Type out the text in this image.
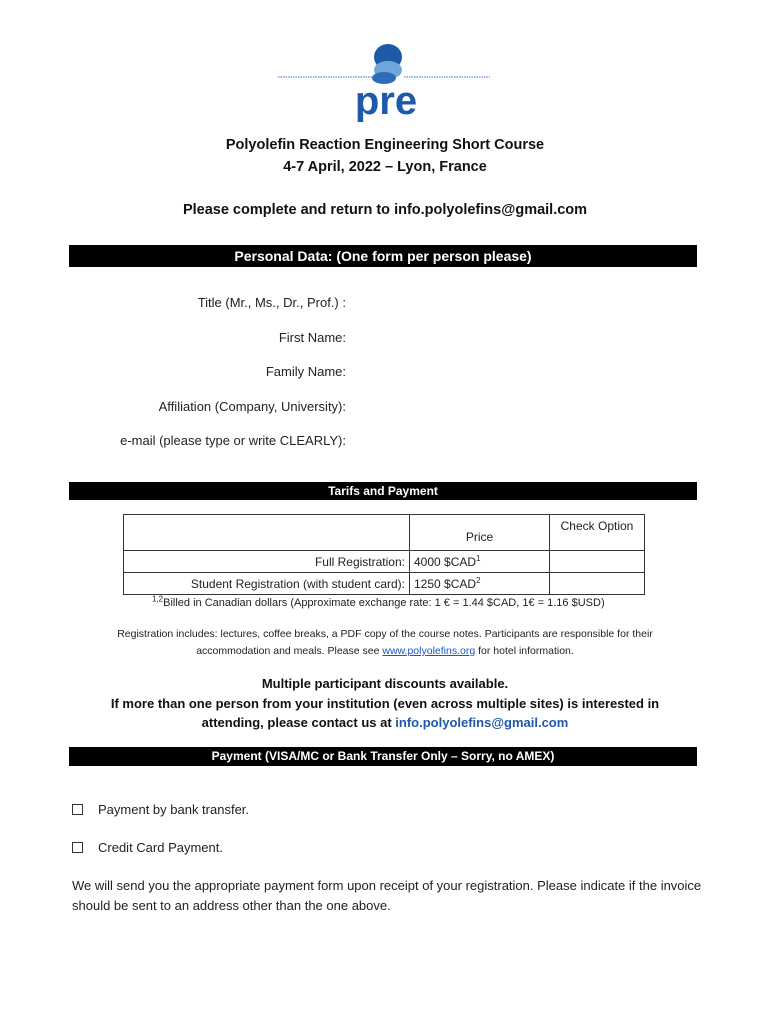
pre
Polyolefin Reaction Engineering Short Course
4-7 April, 2022 – Lyon, France
Please complete and return to info.polyolefins@gmail.com
Personal Data: (One form per person please)
Title (Mr., Ms., Dr., Prof.) :
First Name:
Family Name:
Affiliation (Company, University):
e-mail (please type or write CLEARLY):
Tarifs and Payment
	Price	Check Option
Full Registration:	4000 $CAD$^1$	
Student Registration (with student card):	1250 $CAD$^2$	
$^{1,2}$Billed in Canadian dollars (Approximate exchange rate: 1 € = 1.44 $CAD, 1€ = 1.16 $USD)
Registration includes: lectures, coffee breaks, a PDF copy of the course notes. Participants are responsible for their
accommodation and meals. Please see www.polyolefins.org for hotel information.
Multiple participant discounts available.
If more than one person from your institution (even across multiple sites) is interested in
attending, please contact us at info.polyolefins@gmail.com
Payment (VISA/MC or Bank Transfer Only – Sorry, no AMEX)
Payment by bank transfer.
Credit Card Payment.
We will send you the appropriate payment form upon receipt of your registration. Please indicate if the invoice should be sent to an address other than the one above.
